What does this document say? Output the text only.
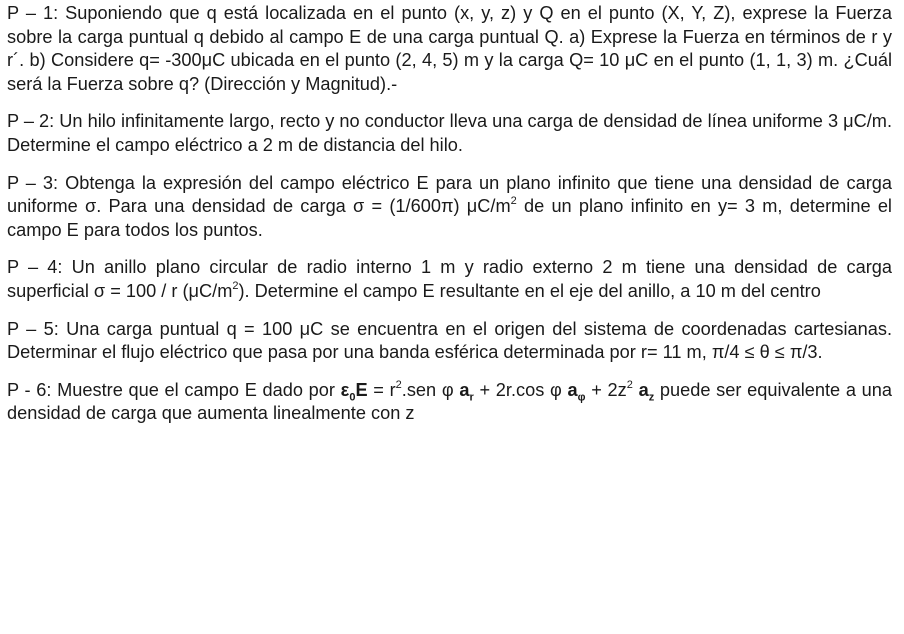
P – 1: Suponiendo que q está localizada en el punto (x, y, z) y Q en el punto (X, Y, Z), exprese la Fuerza sobre la carga puntual q debido al campo E de una carga puntual Q. a) Exprese la Fuerza en términos de r y r´. b) Considere q= -300μC ubicada en el punto (2, 4, 5) m y la carga Q= 10 μC en el punto (1, 1, 3) m. ¿Cuál será la Fuerza sobre q? (Dirección y Magnitud).-

P – 2: Un hilo infinitamente largo, recto y no conductor lleva una carga de densidad de línea uniforme 3 μC/m. Determine el campo eléctrico a 2 m de distancia del hilo.

P – 3: Obtenga la expresión del campo eléctrico E para un plano infinito que tiene una densidad de carga uniforme σ. Para una densidad de carga σ = (1/600π) $\mu C/m^2$ de un plano infinito en y= 3 m, determine el campo E para todos los puntos.

P – 4: Un anillo plano circular de radio interno 1 m y radio externo 2 m tiene una densidad de carga superficial σ = 100 / r $(\mu C/m^2)$. Determine el campo E resultante en el eje del anillo, a 10 m del centro

P – 5: Una carga puntual q = 100 μC se encuentra en el origen del sistema de coordenadas cartesianas. Determinar el flujo eléctrico que pasa por una banda esférica determinada por r= 11 m, π/4 ≤ θ ≤ π/3.

P - 6: Muestre que el campo E dado por $\varepsilon_0E = r^2.sen$ φ $a_r + 2r.\cos$ φ $a_\varphi + 2z^2$ $a_z$ puede ser equivalente a una densidad de carga que aumenta linealmente con z
